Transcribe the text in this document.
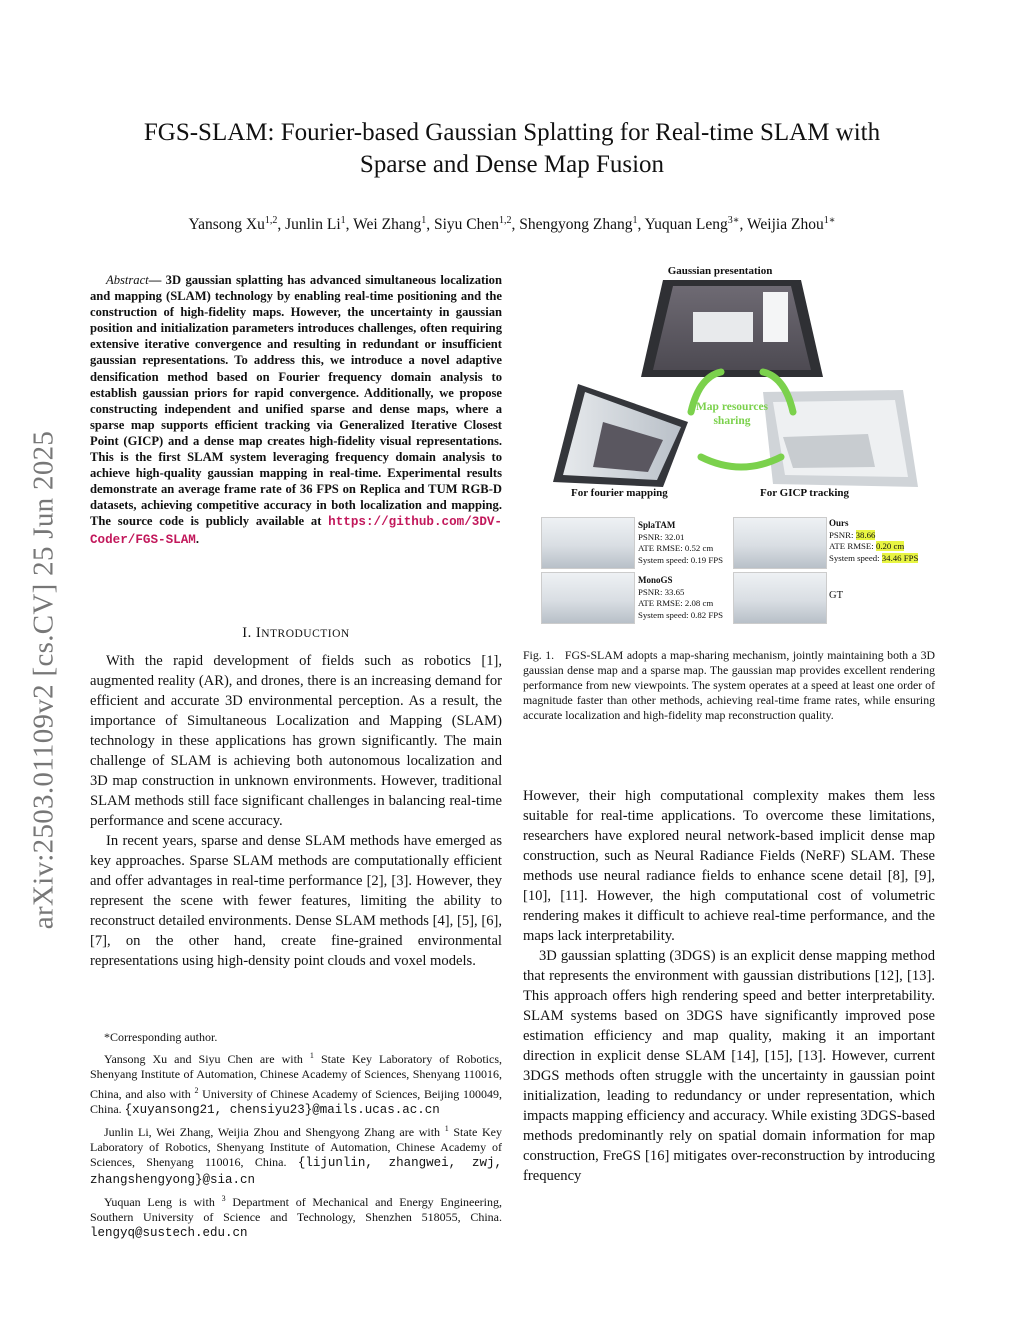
FGS-SLAM: Fourier-based Gaussian Splatting for Real-time SLAM with
Sparse and Dense Map Fusion
Yansong Xu$^{1,2}$, Junlin Li$^1$, Wei Zhang$^1$, Siyu Chen$^{1,2}$, Shengyong Zhang$^1$, Yuquan Leng$^{3∗}$, Weijia Zhou$^{1∗}$
arXiv:2503.01109v2 [cs.CV] 25 Jun 2025
Abstract— 3D gaussian splatting has advanced simultaneous localization and mapping (SLAM) technology by enabling real-time positioning and the construction of high-fidelity maps. However, the uncertainty in gaussian position and initialization parameters introduces challenges, often requiring extensive iterative convergence and resulting in redundant or insufficient gaussian representations. To address this, we introduce a novel adaptive densification method based on Fourier frequency domain analysis to establish gaussian priors for rapid convergence. Additionally, we propose constructing independent and unified sparse and dense maps, where a sparse map supports efficient tracking via Generalized Iterative Closest Point (GICP) and a dense map creates high-fidelity visual representations. This is the first SLAM system leveraging frequency domain analysis to achieve high-quality gaussian mapping in real-time. Experimental results demonstrate an average frame rate of 36 FPS on Replica and TUM RGB-D datasets, achieving competitive accuracy in both localization and mapping. The source code is publicly available at https://github.com/3DV-Coder/FGS-SLAM.
I. INTRODUCTION

With the rapid development of fields such as robotics [1], augmented reality (AR), and drones, there is an increasing demand for efficient and accurate 3D environmental perception. As a result, the importance of Simultaneous Localization and Mapping (SLAM) technology in these applications has grown significantly. The main challenge of SLAM is achieving both autonomous localization and 3D map construction in unknown environments. However, traditional SLAM methods still face significant challenges in balancing real-time performance and scene accuracy.

In recent years, sparse and dense SLAM methods have emerged as key approaches. Sparse SLAM methods are computationally efficient and offer advantages in real-time performance [2], [3]. However, they represent the scene with fewer features, limiting the ability to reconstruct detailed environments. Dense SLAM methods [4], [5], [6], [7], on the other hand, create fine-grained environmental representations using high-density point clouds and voxel models.

*Corresponding author.

Yansong Xu and Siyu Chen are with $^1$ State Key Laboratory of Robotics, Shenyang Institute of Automation, Chinese Academy of Sciences, Shenyang 110016, China, and also with $^2$ University of Chinese Academy of Sciences, Beijing 100049, China. {xuyansong21, chensiyu23}@mails.ucas.ac.cn

Junlin Li, Wei Zhang, Weijia Zhou and Shengyong Zhang are with $^1$ State Key Laboratory of Robotics, Shenyang Institute of Automation, Chinese Academy of Sciences, Shenyang 110016, China. {lijunlin, zhangwei, zwj, zhangshengyong}@sia.cn

Yuquan Leng is with $^3$ Department of Mechanical and Energy Engineering, Southern University of Science and Technology, Shenzhen 518055, China. lengyq@sustech.edu.cn

Map resources
sharing
Gaussian presentation
For fourier mapping	For GICP tracking
SplaTAM
PSNR: 32.01
ATE RMSE: 0.52 cm
System speed: 0.19 FPS
MonoGS
PSNR: 33.65
ATE RMSE: 2.08 cm
System speed: 0.82 FPS
Ours
PSNR: 38.66
ATE RMSE: 0.20 cm
System speed: 34.46 FPS
GT
Fig. 1. FGS-SLAM adopts a map-sharing mechanism, jointly maintaining both a 3D gaussian dense map and a sparse map. The gaussian map provides excellent rendering performance from new viewpoints. The system operates at a speed at least one order of magnitude faster than other methods, achieving real-time frame rates, while ensuring accurate localization and high-fidelity map reconstruction quality.

However, their high computational complexity makes them less suitable for real-time applications. To overcome these limitations, researchers have explored neural network-based implicit dense map construction, such as Neural Radiance Fields (NeRF) SLAM. These methods use neural radiance fields to enhance scene detail [8], [9], [10], [11]. However, the high computational cost of volumetric rendering makes it difficult to achieve real-time performance, and the maps lack interpretability.

3D gaussian splatting (3DGS) is an explicit dense mapping method that represents the environment with gaussian distributions [12], [13]. This approach offers high rendering speed and better interpretability. SLAM systems based on 3DGS have significantly improved pose estimation efficiency and map quality, making it an important direction in explicit dense SLAM [14], [15], [13]. However, current 3DGS methods often struggle with the uncertainty in gaussian point initialization, leading to redundancy or under representation, which impacts mapping efficiency and accuracy. While existing 3DGS-based methods predominantly rely on spatial domain information for map construction, FreGS [16] mitigates over-reconstruction by introducing frequency
